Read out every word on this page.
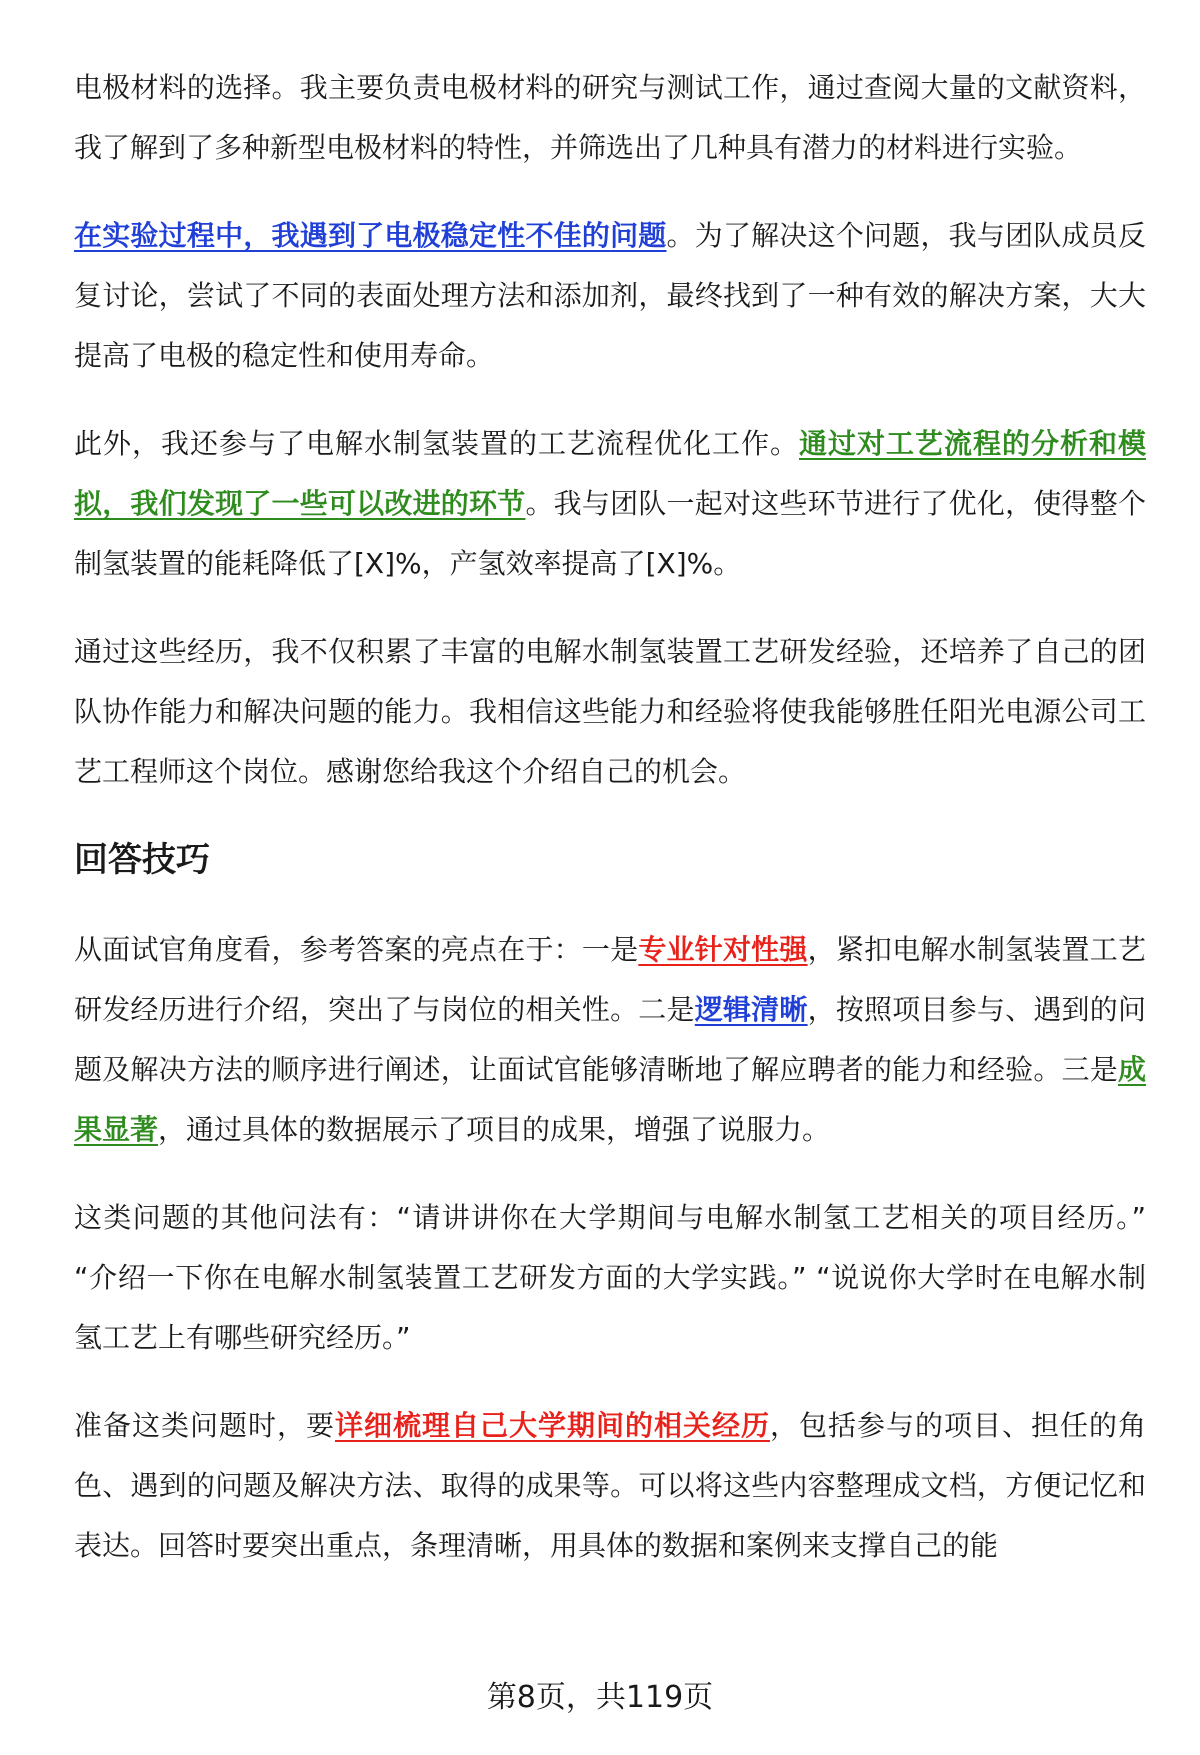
电极材料的选择。我主要负责电极材料的研究与测试工作，通过查阅大量的文献资料，我了解到了多种新型电极材料的特性，并筛选出了几种具有潜力的材料进行实验。
在实验过程中，我遇到了电极稳定性不佳的问题。为了解决这个问题，我与团队成员反复讨论，尝试了不同的表面处理方法和添加剂，最终找到了一种有效的解决方案，大大提高了电极的稳定性和使用寿命。
此外，我还参与了电解水制氢装置的工艺流程优化工作。通过对工艺流程的分析和模拟，我们发现了一些可以改进的环节。我与团队一起对这些环节进行了优化，使得整个制氢装置的能耗降低了[X]%，产氢效率提高了[X]%。
通过这些经历，我不仅积累了丰富的电解水制氢装置工艺研发经验，还培养了自己的团队协作能力和解决问题的能力。我相信这些能力和经验将使我能够胜任阳光电源公司工艺工程师这个岗位。感谢您给我这个介绍自己的机会。
回答技巧
从面试官角度看，参考答案的亮点在于：一是专业针对性强，紧扣电解水制氢装置工艺研发经历进行介绍，突出了与岗位的相关性。二是逻辑清晰，按照项目参与、遇到的问题及解决方法的顺序进行阐述，让面试官能够清晰地了解应聘者的能力和经验。三是成果显著，通过具体的数据展示了项目的成果，增强了说服力。
这类问题的其他问法有：“请讲讲你在大学期间与电解水制氢工艺相关的项目经历。” “介绍一下你在电解水制氢装置工艺研发方面的大学实践。” “说说你大学时在电解水制氢工艺上有哪些研究经历。”
准备这类问题时，要详细梳理自己大学期间的相关经历，包括参与的项目、担任的角色、遇到的问题及解决方法、取得的成果等。可以将这些内容整理成文档，方便记忆和表达。回答时要突出重点，条理清晰，用具体的数据和案例来支撑自己的能
第8页，共119页
